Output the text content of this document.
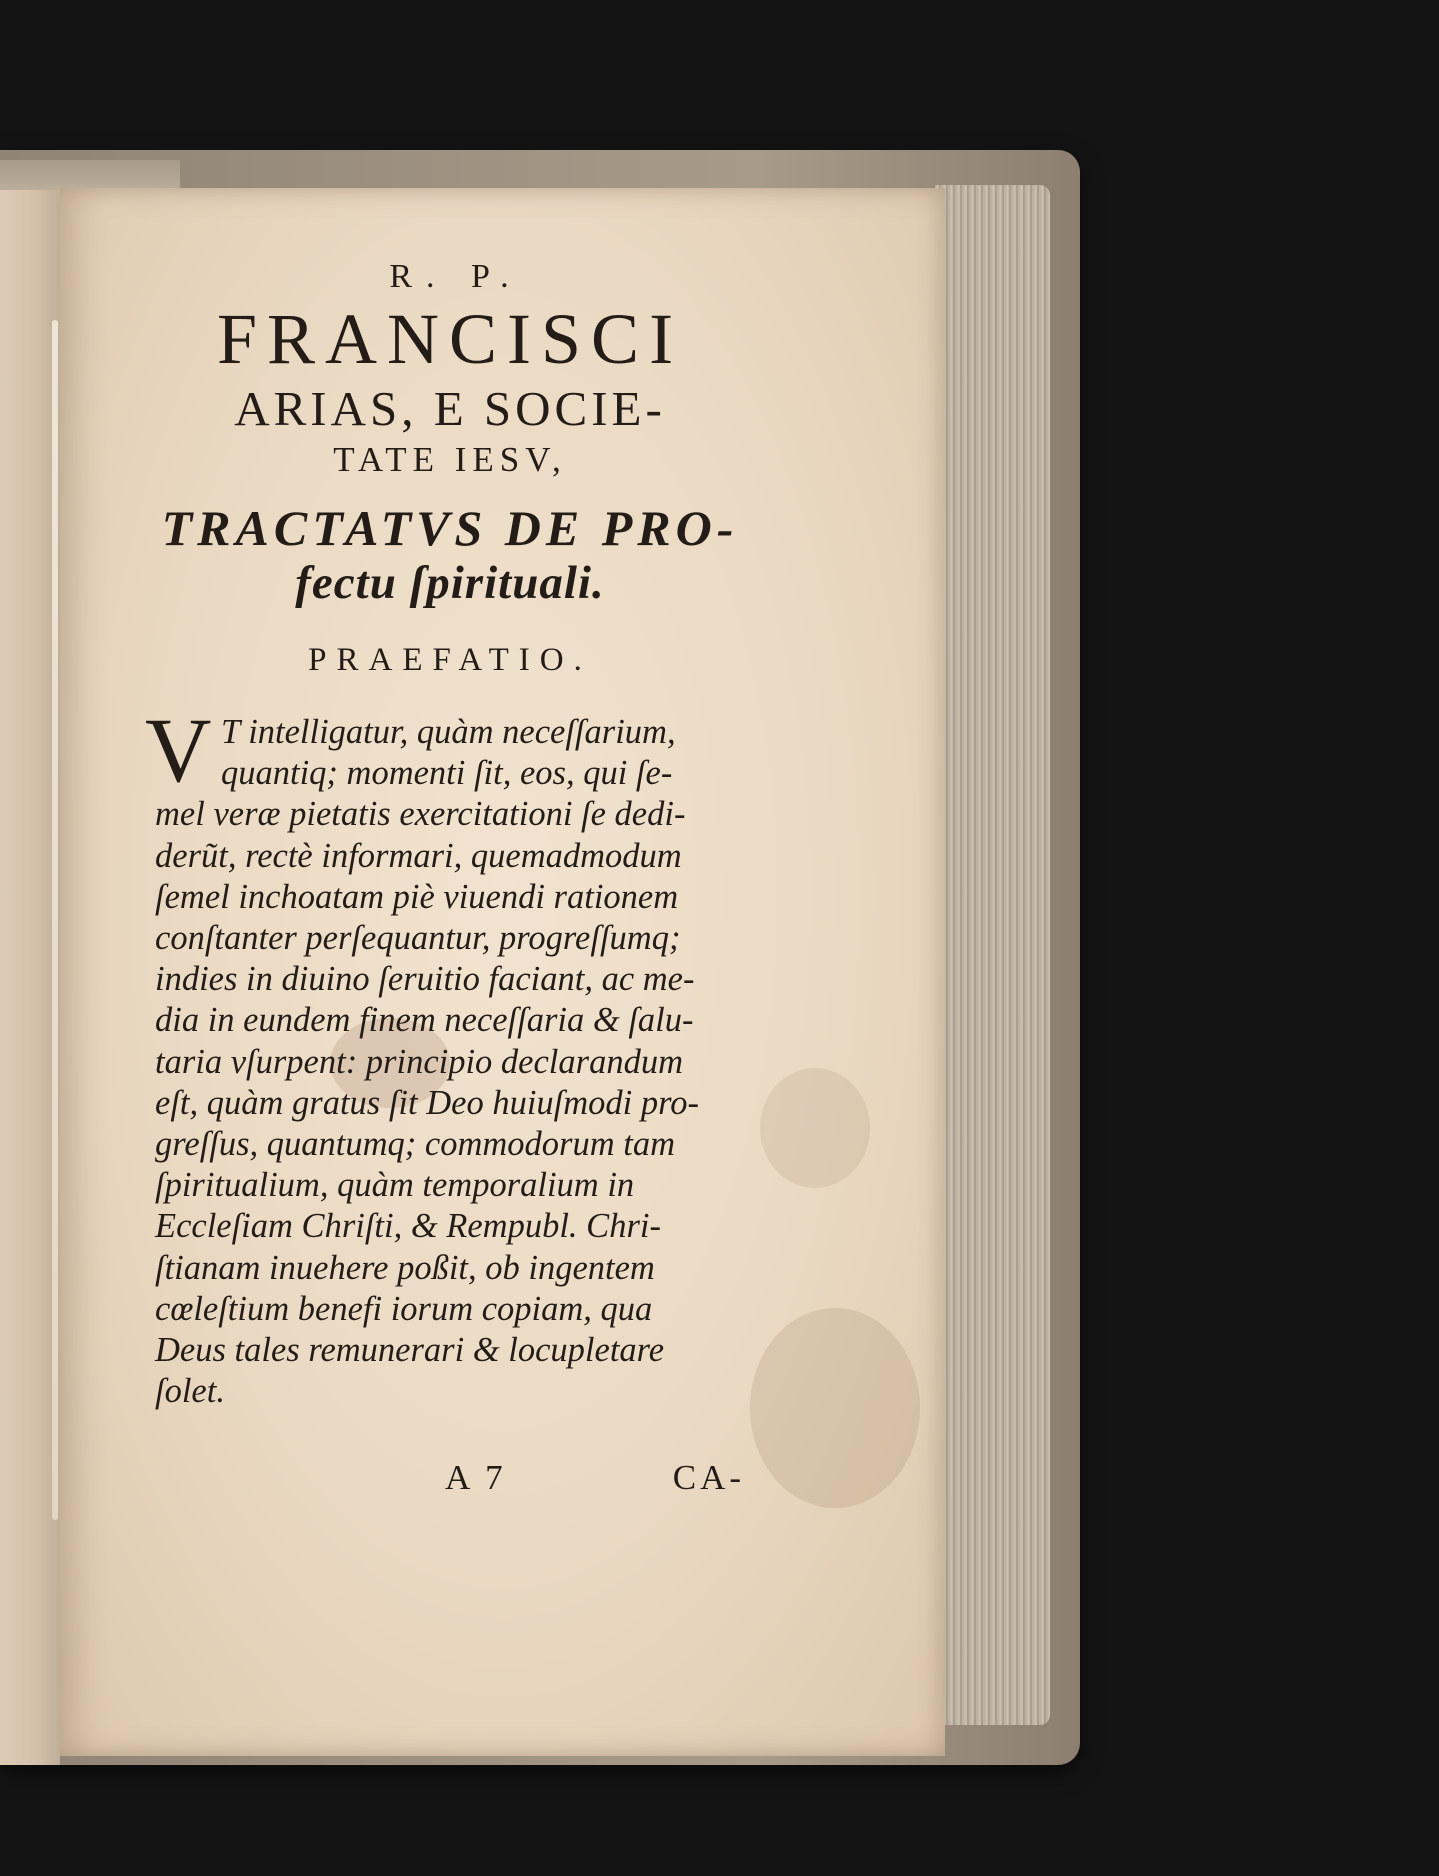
R. P.
FRANCISCI
ARIAS, E SOCIE-
TATE IESV,
TRACTATVS DE PRO-
fectu ſpirituali.
PRAEFATIO.
V T intelligatur, quàm neceſſarium,
quantiq; momenti ſit, eos, qui ſe-
mel veræ pietatis exercitationi ſe dedi-
derũt, rectè informari, quemadmodum
ſemel inchoatam piè viuendi rationem
conſtanter perſequantur, progreſſumq;
indies in diuino ſeruitio faciant, ac me-
dia in eundem finem neceſſaria & ſalu-
taria vſurpent: principio declarandum
eſt, quàm gratus ſit Deo huiuſmodi pro-
greſſus, quantumq; commodorum tam
ſpiritualium, quàm temporalium in
Eccleſiam Chriſti, & Rempubl. Chri-
ſtianam inuehere poßit, ob ingentem
cœleſtium benefi iorum copiam, qua
Deus tales remunerari & locupletare
ſolet.
A 7	CA-
